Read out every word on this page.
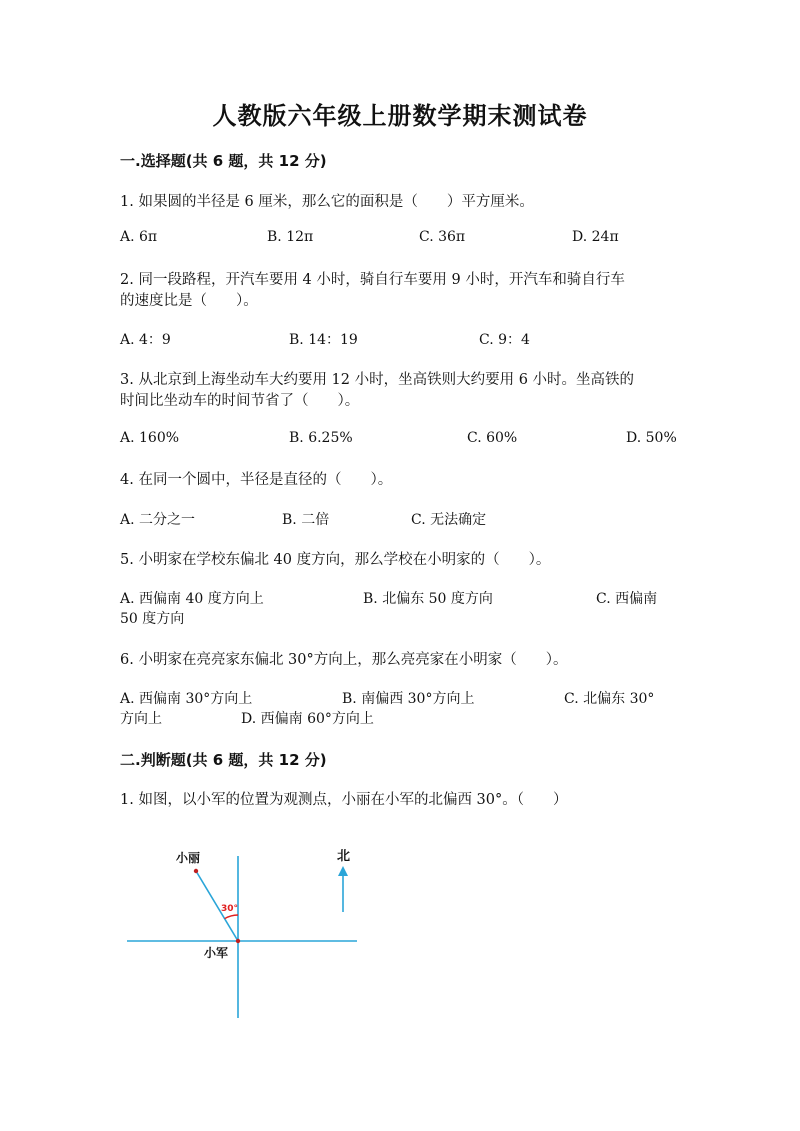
人教版六年级上册数学期末测试卷
一.选择题(共 6 题，共 12 分)
1. 如果圆的半径是 6 厘米，那么它的面积是（　　）平方厘米。
A. 6π	B. 12π	C. 36π	D. 24π
2. 同一段路程，开汽车要用 4 小时，骑自行车要用 9 小时，开汽车和骑自行车
的速度比是（　　）。
A. 4：9	B. 14：19	C. 9：4
3. 从北京到上海坐动车大约要用 12 小时，坐高铁则大约要用 6 小时。坐高铁的
时间比坐动车的时间节省了（　　）。
A. 160%	B. 6.25%	C. 60%	D. 50%
4. 在同一个圆中，半径是直径的（　　）。
A. 二分之一	B. 二倍	C. 无法确定
5. 小明家在学校东偏北 40 度方向，那么学校在小明家的（　　）。
A. 西偏南 40 度方向上	B. 北偏东 50 度方向	C. 西偏南
50 度方向
6. 小明家在亮亮家东偏北 30°方向上，那么亮亮家在小明家（　　）。
A. 西偏南 30°方向上	B. 南偏西 30°方向上	C. 北偏东 30°
方向上	D. 西偏南 60°方向上
二.判断题(共 6 题，共 12 分)
1. 如图，以小军的位置为观测点，小丽在小军的北偏西 30°。（　　）
小丽
小军
北
30°
